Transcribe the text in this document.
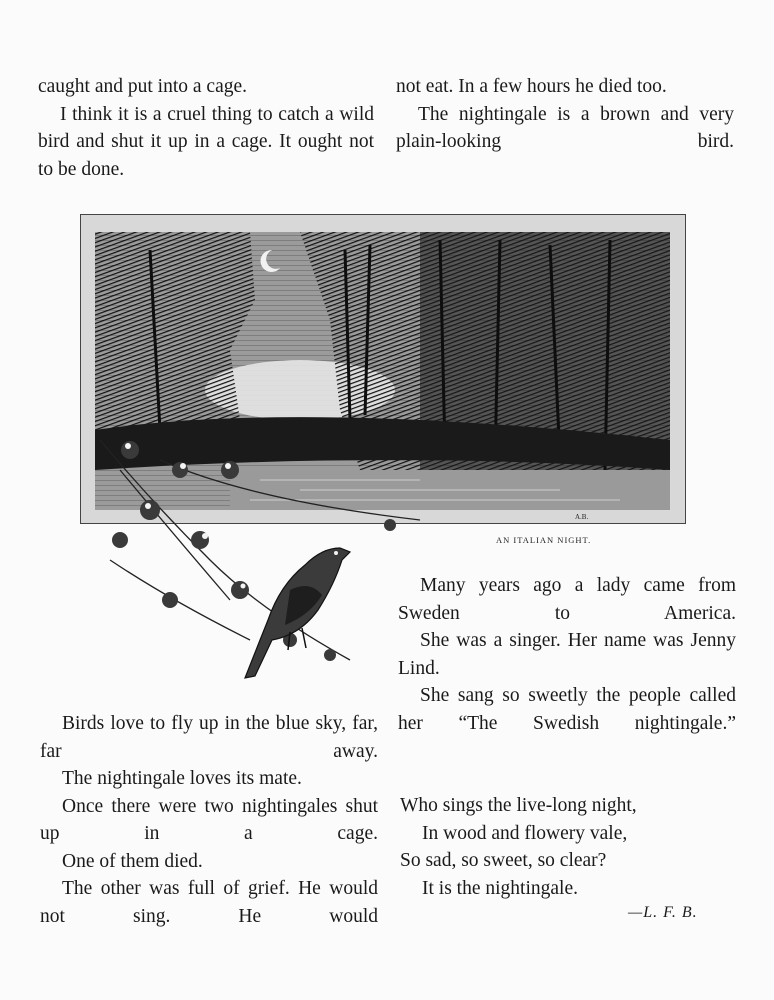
caught and put into a cage.

I think it is a cruel thing to catch a wild bird and shut it up in a cage. It ought not to be done.

not eat. In a few hours he died too.

The nightingale is a brown and very plain-looking bird.

A.B.
AN ITALIAN NIGHT.

Birds love to fly up in the blue sky, far, far away.

The nightingale loves its mate.

Once there were two nightingales shut up in a cage.

One of them died.

The other was full of grief. He would not sing. He would

Many years ago a lady came from Sweden to America.

She was a singer. Her name was Jenny Lind.

She sang so sweetly the people called her “The Swedish nightingale.”

Who sings the live-long night,
In wood and flowery vale,
So sad, so sweet, so clear?
It is the nightingale.
—L. F. B.
